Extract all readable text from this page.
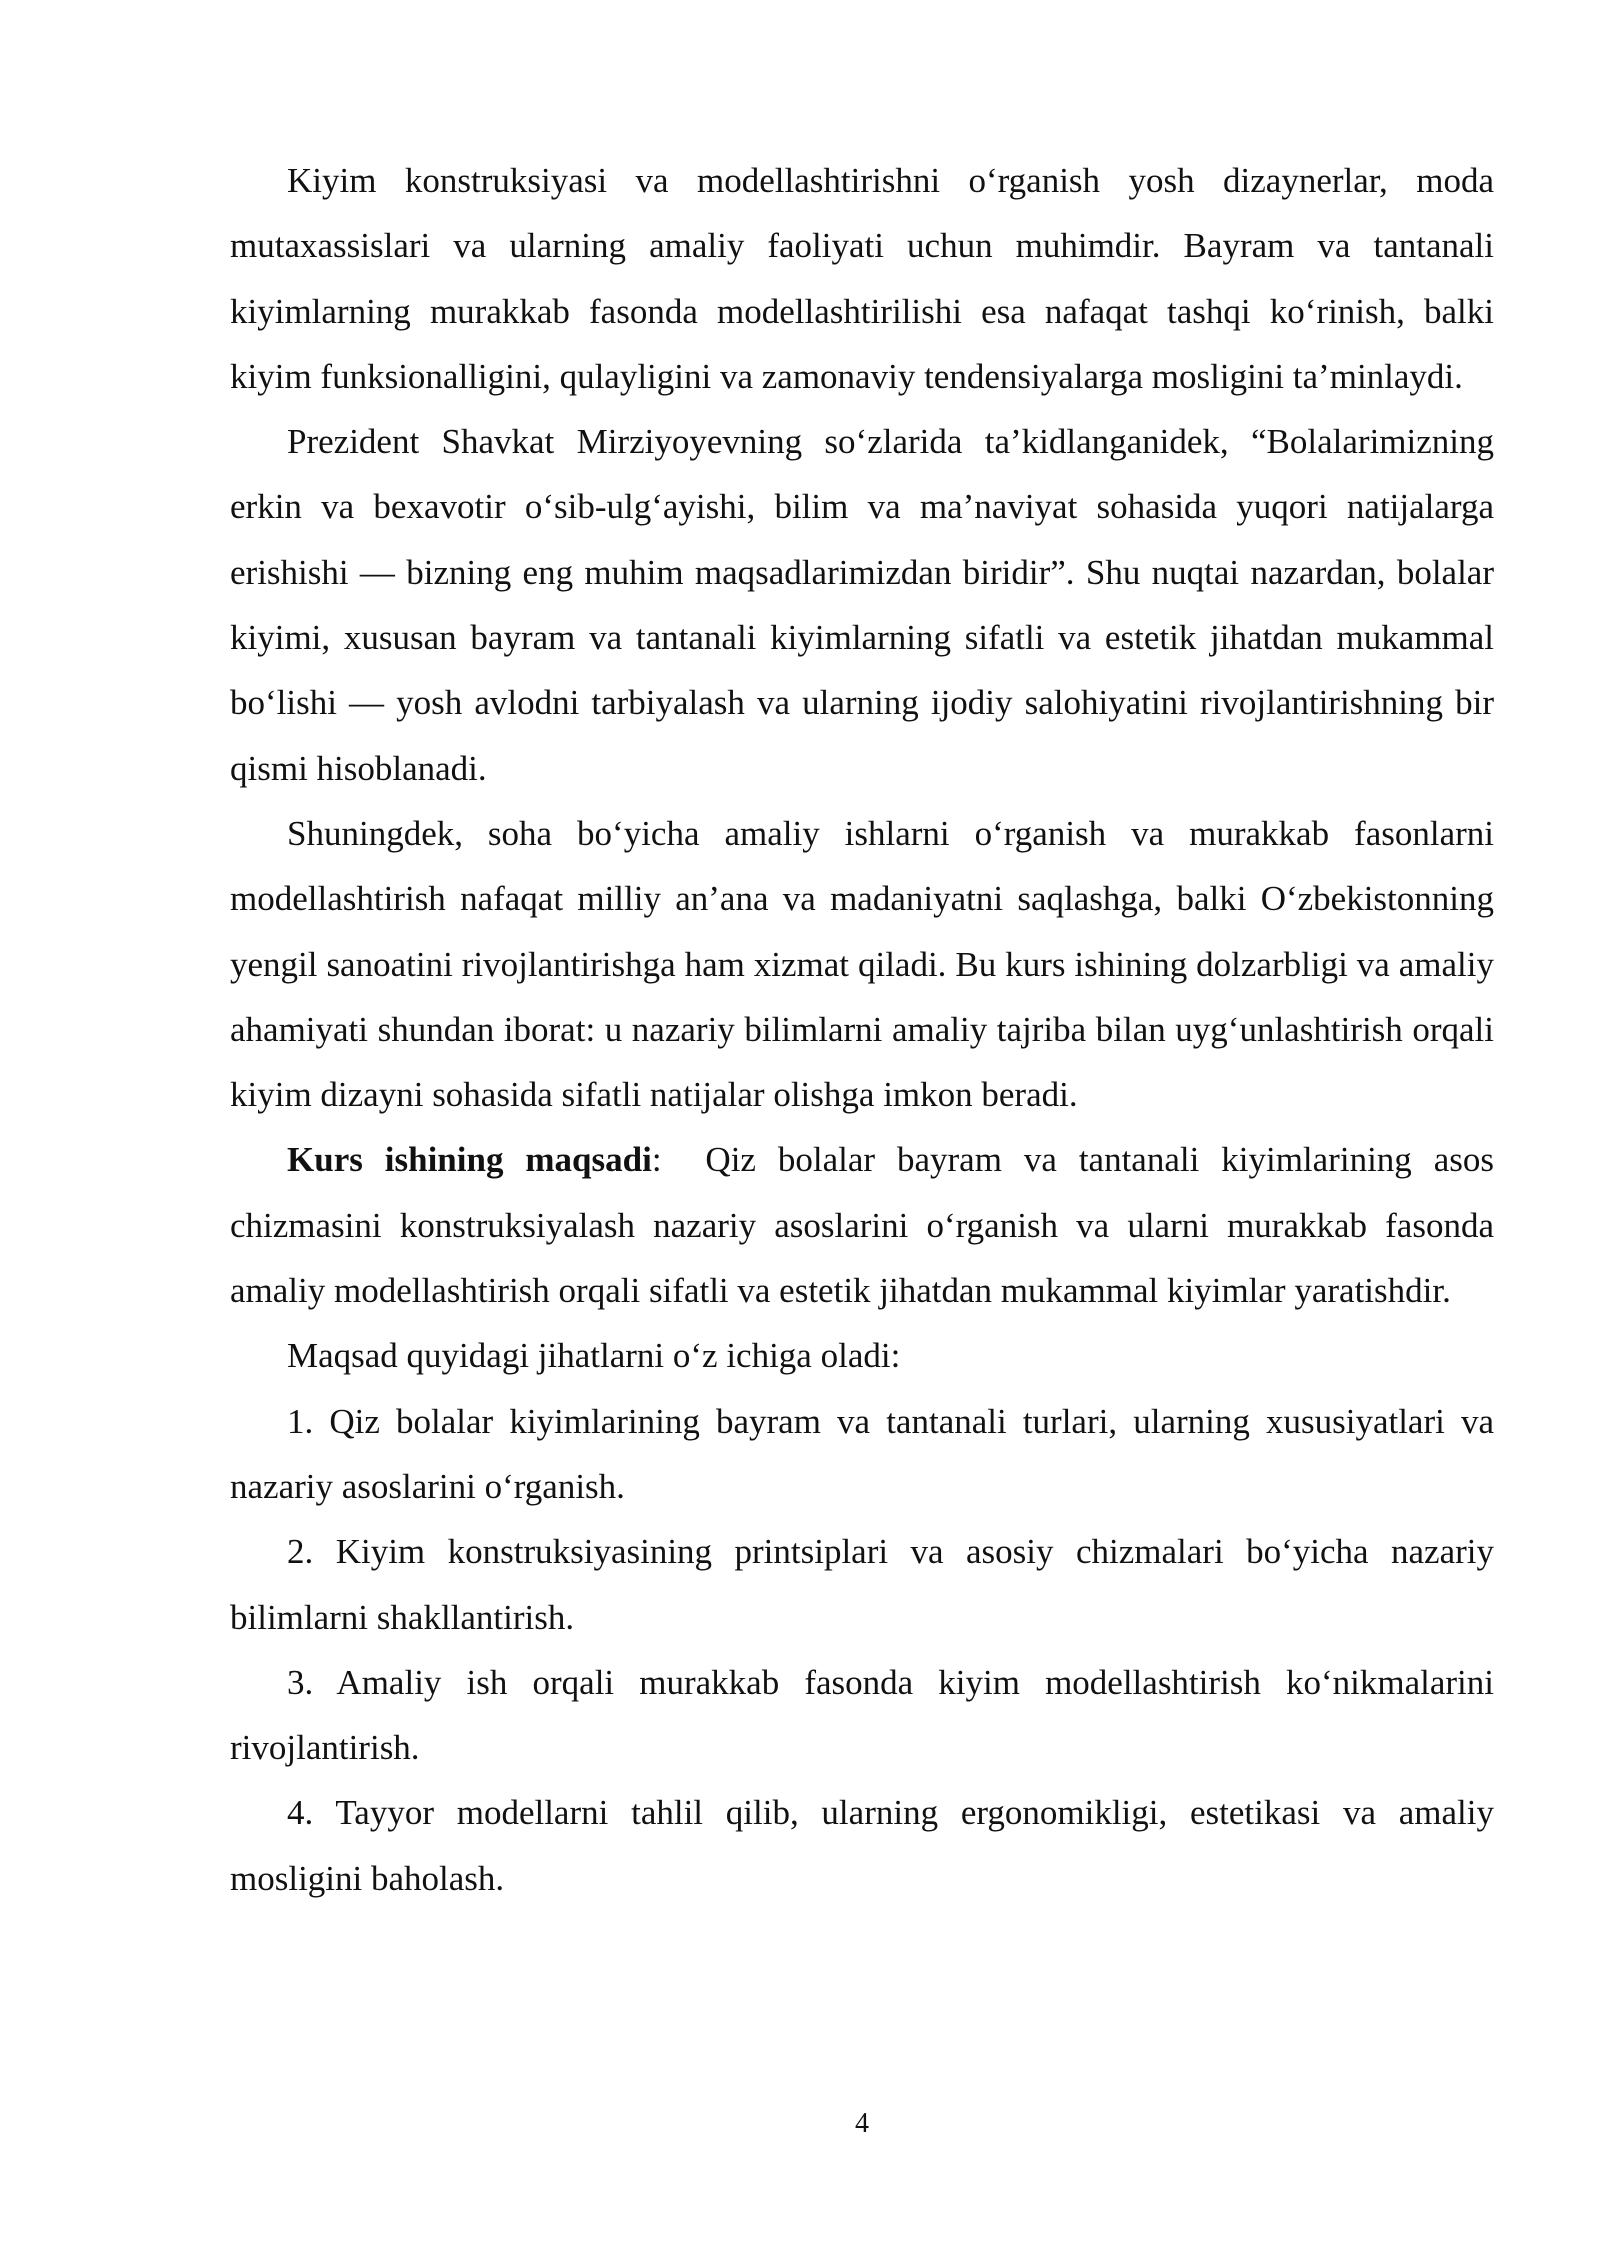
Kiyim konstruksiyasi va modellashtirishni o‘rganish yosh dizaynerlar, moda mutaxassislari va ularning amaliy faoliyati uchun muhimdir. Bayram va tantanali kiyimlarning murakkab fasonda modellashtirilishi esa nafaqat tashqi ko‘rinish, balki kiyim funksionalligini, qulayligini va zamonaviy tendensiyalarga mosligini ta’minlaydi.

Prezident Shavkat Mirziyoyevning so‘zlarida ta’kidlanganidek, “Bolalarimizning erkin va bexavotir o‘sib-ulg‘ayishi, bilim va ma’naviyat sohasida yuqori natijalarga erishishi — bizning eng muhim maqsadlarimizdan biridir”. Shu nuqtai nazardan, bolalar kiyimi, xususan bayram va tantanali kiyimlarning sifatli va estetik jihatdan mukammal bo‘lishi — yosh avlodni tarbiyalash va ularning ijodiy salohiyatini rivojlantirishning bir qismi hisoblanadi.

Shuningdek, soha bo‘yicha amaliy ishlarni o‘rganish va murakkab fasonlarni modellashtirish nafaqat milliy an’ana va madaniyatni saqlashga, balki O‘zbekistonning yengil sanoatini rivojlantirishga ham xizmat qiladi. Bu kurs ishining dolzarbligi va amaliy ahamiyati shundan iborat: u nazariy bilimlarni amaliy tajriba bilan uyg‘unlashtirish orqali kiyim dizayni sohasida sifatli natijalar olishga imkon beradi.

Kurs ishining maqsadi: Qiz bolalar bayram va tantanali kiyimlarining asos chizmasini konstruksiyalash nazariy asoslarini o‘rganish va ularni murakkab fasonda amaliy modellashtirish orqali sifatli va estetik jihatdan mukammal kiyimlar yaratishdir.

Maqsad quyidagi jihatlarni o‘z ichiga oladi:

1. Qiz bolalar kiyimlarining bayram va tantanali turlari, ularning xususiyatlari va nazariy asoslarini o‘rganish.

2. Kiyim konstruksiyasining printsiplari va asosiy chizmalari bo‘yicha nazariy bilimlarni shakllantirish.

3. Amaliy ish orqali murakkab fasonda kiyim modellashtirish ko‘nikmalarini rivojlantirish.

4. Tayyor modellarni tahlil qilib, ularning ergonomikligi, estetikasi va amaliy mosligini baholash.

4
